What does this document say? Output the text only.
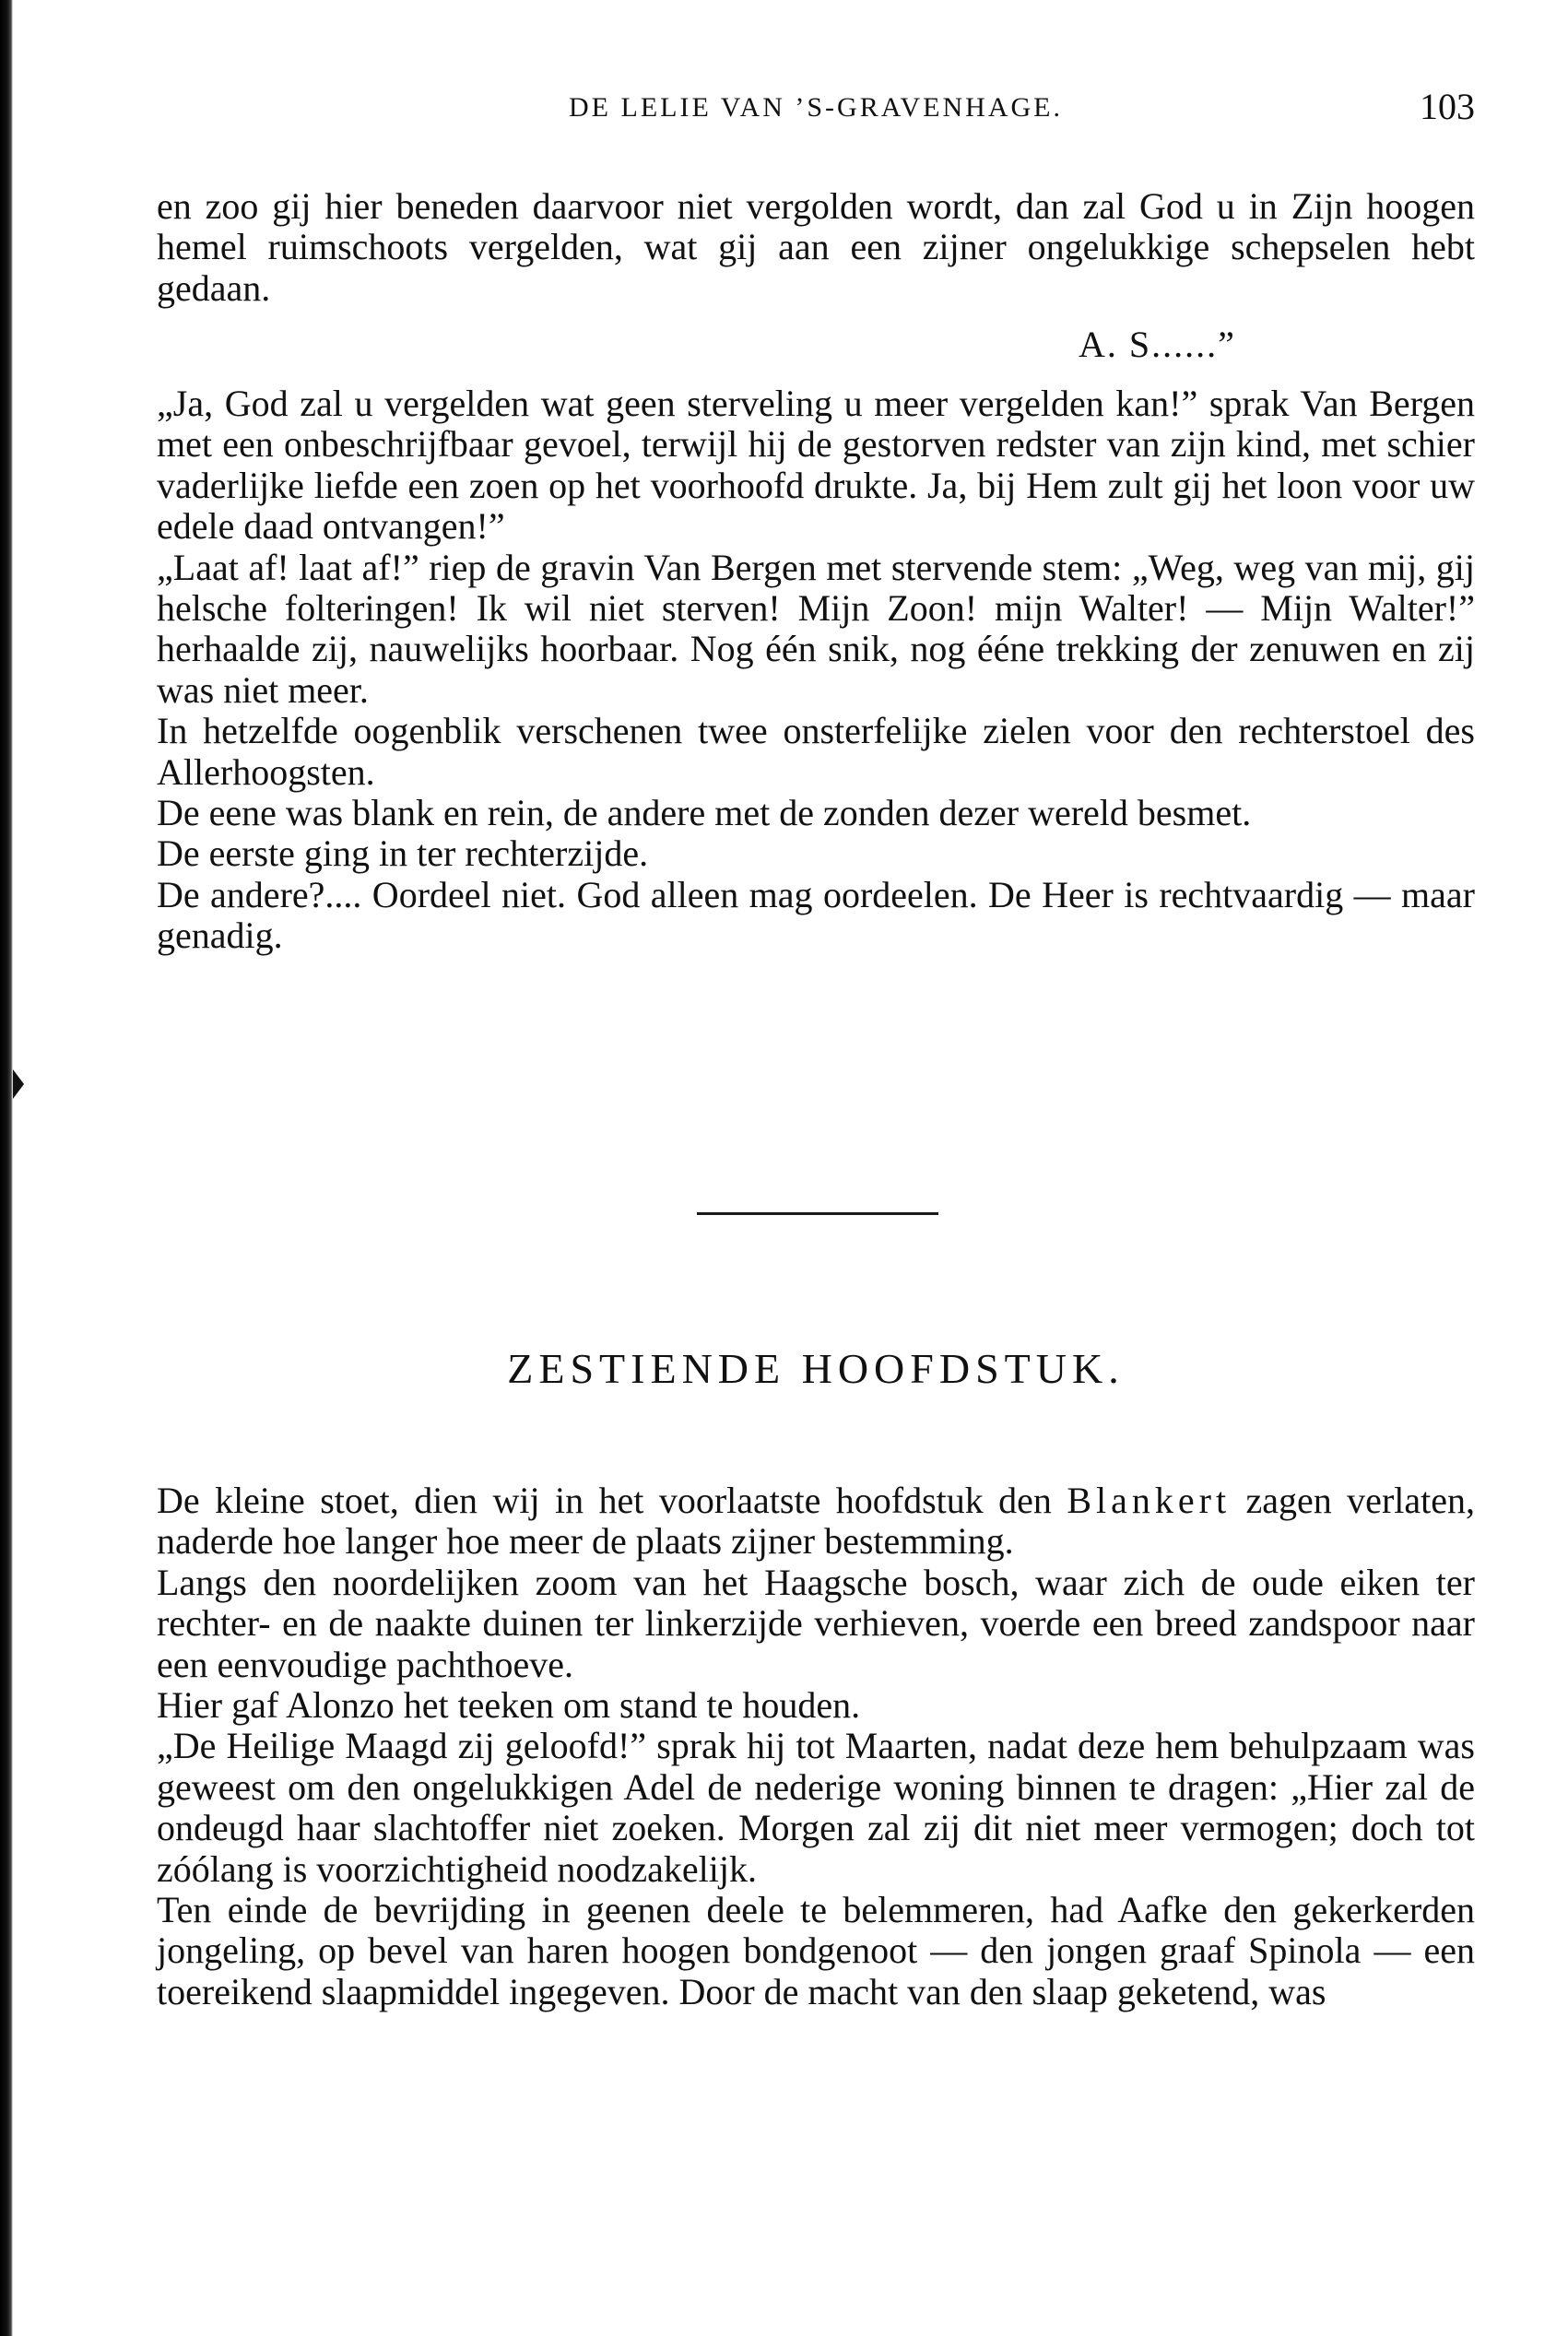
DE LELIE VAN ’S-GRAVENHAGE.	103

en zoo gij hier beneden daarvoor niet vergolden wordt, dan zal God u in Zijn hoogen hemel ruimschoots vergelden, wat gij aan een zijner ongelukkige schepselen hebt gedaan.

A. S......”

„Ja, God zal u vergelden wat geen sterveling u meer vergelden kan!” sprak Van Bergen met een onbeschrijfbaar gevoel, terwijl hij de gestorven redster van zijn kind, met schier vaderlijke liefde een zoen op het voorhoofd drukte. Ja, bij Hem zult gij het loon voor uw edele daad ontvangen!”

„Laat af! laat af!” riep de gravin Van Bergen met stervende stem: „Weg, weg van mij, gij helsche folteringen! Ik wil niet sterven! Mijn Zoon! mijn Walter! — Mijn Walter!” herhaalde zij, nauwelijks hoorbaar. Nog één snik, nog ééne trekking der zenuwen en zij was niet meer.

In hetzelfde oogenblik verschenen twee onsterfelijke zielen voor den rechterstoel des Allerhoogsten.

De eene was blank en rein, de andere met de zonden dezer wereld besmet.

De eerste ging in ter rechterzijde.

De andere?.... Oordeel niet. God alleen mag oordeelen. De Heer is rechtvaardig — maar genadig.

ZESTIENDE HOOFDSTUK.

De kleine stoet, dien wij in het voorlaatste hoofdstuk den Blankert zagen verlaten, naderde hoe langer hoe meer de plaats zijner bestemming.

Langs den noordelijken zoom van het Haagsche bosch, waar zich de oude eiken ter rechter- en de naakte duinen ter linkerzijde verhieven, voerde een breed zandspoor naar een eenvoudige pachthoeve.

Hier gaf Alonzo het teeken om stand te houden.

„De Heilige Maagd zij geloofd!” sprak hij tot Maarten, nadat deze hem behulpzaam was geweest om den ongelukkigen Adel de nederige woning binnen te dragen: „Hier zal de ondeugd haar slachtoffer niet zoeken. Morgen zal zij dit niet meer vermogen; doch tot zóólang is voorzichtigheid noodzakelijk.

Ten einde de bevrijding in geenen deele te belemmeren, had Aafke den gekerkerden jongeling, op bevel van haren hoogen bondgenoot — den jongen graaf Spinola — een toereikend slaapmiddel ingegeven. Door de macht van den slaap geketend, was
